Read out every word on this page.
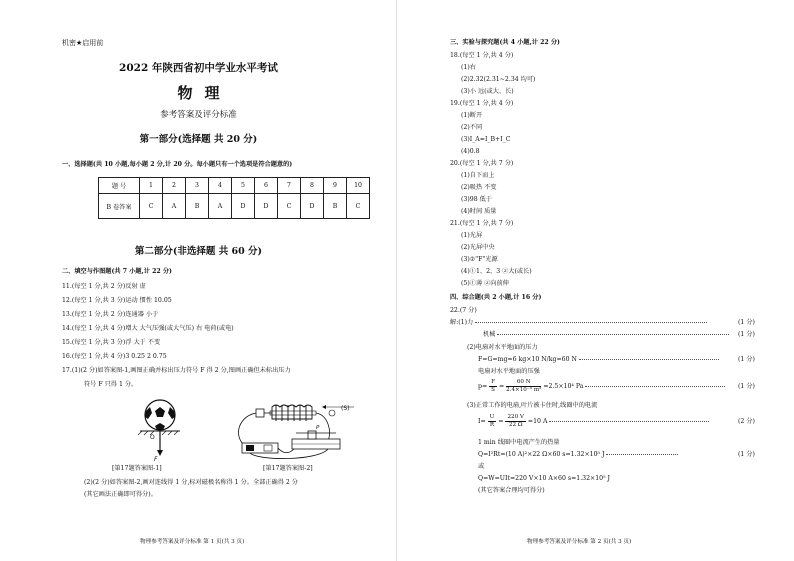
机密★启用前
2022 年陕西省初中学业水平考试
物理
参考答案及评分标准
第一部分(选择题 共 20 分)
一、选择题(共 10 小题,每小题 2 分,计 20 分。每小题只有一个选项是符合题意的)
题 号	1	2	3	4	5	6	7	8	9	10
B 卷答案	C	A	B	A	D	D	C	D	B	C
第二部分(非选择题 共 60 分)
二、填空与作图题(共 7 小题,计 22 分)
11.(每空 1 分,共 2 分)反射 虚
12.(每空 1 分,共 3 分)运动 惯性 10.05
13.(每空 1 分,共 2 分)连通器 小于
14.(每空 1 分,共 4 分)增大 大气压强(或大气压) 右 电荷(或电)
15.(每空 1 分,共 3 分)浮 大于 不变
16.(每空 1 分,共 4 分)3 0.25 2 0.75
17.(1)(2 分)如答案图-1,画图正确并标出压力符号 F 得 2 分,图画正确但未标出压力
符号 F 只得 1 分。
O
F
P
(S)
[第17题答案图-1]	[第17题答案图-2]
(2)(2 分)如答案图-2,画对连线得 1 分,标对磁极名称得 1 分。全部正确得 2 分
(其它画法正确即可得分)。
物理参考答案及评分标准 第 1 页(共 3 页)
三、实验与探究题(共 4 小题,计 22 分)
18.(每空 1 分,共 4 分)
(1)右
(2)2.32(2.31~2.34 均可)
(3)小 远(或大、长)
19.(每空 1 分,共 4 分)
(1)断开
(2)不同
(3)I_A=I_B+I_C
(4)0.8
20.(每空 1 分,共 7 分)
(1)自下而上
(2)吸热 不变
(3)98 低于
(4)时间 质量
21.(每空 1 分,共 7 分)
(1)光屏
(2)光屏中央
(3)②"F"光源
(4)①1、2、3 ②大(或长)
(5)①薄 ②向前伸
四、综合题(共 2 小题,计 16 分)
22.(7 分)
解:(1)力	(1 分)
机械	(1 分)
(2)电扇对水平地面的压力
F=G=mg=6 kg×10 N/kg=60 N	(1 分)
电扇对水平地面的压强
$p= \frac{F}{S} = \frac{60 N}{\text{2.4×10⁻³ m²}} =2.5\times 10^4$ Pa	(1 分)
(3)正常工作的电扇,叶片被卡住时,线圈中的电流
$I= \frac{U}{R} = \frac{220 V}{22 \Omega} =10$ A	(2 分)
1 min 线圈中电流产生的热量
Q=I²Rt=(10 A)²×22 Ω×60 s=1.32×10⁵ J	(1 分)
或
Q=W=UIt=220 V×10 A×60 s=1.32×10⁵ J
(其它答案合理均可得分)
物理参考答案及评分标准 第 2 页(共 3 页)
